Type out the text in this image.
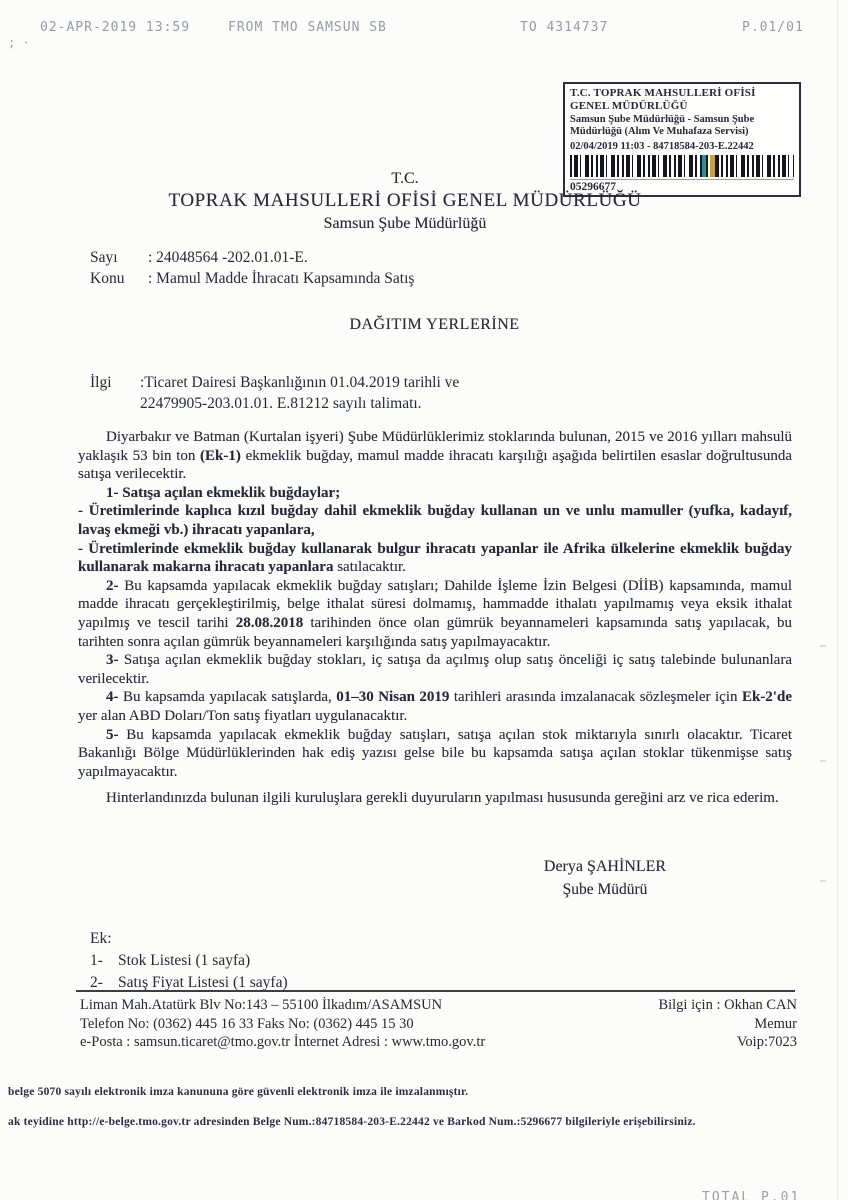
02-APR-2019 13:59	FROM TMO SAMSUN SB	TO 4314737	P.01/01
; ·
T.C. TOPRAK MAHSULLERİ OFİSİ GENEL MÜDÜRLÜĞÜ
Samsun Şube Müdürlüğü - Samsun Şube Müdürlüğü (Alım Ve Muhafaza Servisi)
02/04/2019 11:03 - 84718584-203-E.22442
05296677
T.C.
TOPRAK MAHSULLERİ OFİSİ GENEL MÜDÜRLÜĞÜ
Samsun Şube Müdürlüğü
Sayı : 24048564 -202.01.01-E.
Konu : Mamul Madde İhracatı Kapsamında Satış
DAĞITIM YERLERİNE
İlgi :Ticaret Dairesi Başkanlığının 01.04.2019 tarihli ve
22479905-203.01.01. E.81212 sayılı talimatı.

Diyarbakır ve Batman (Kurtalan işyeri) Şube Müdürlüklerimiz stoklarında bulunan, 2015 ve 2016 yılları mahsulü yaklaşık 53 bin ton (Ek-1) ekmeklik buğday, mamul madde ihracatı karşılığı aşağıda belirtilen esaslar doğrultusunda satışa verilecektir.

1- Satışa açılan ekmeklik buğdaylar;

- Üretimlerinde kaplıca kızıl buğday dahil ekmeklik buğday kullanan un ve unlu mamuller (yufka, kadayıf, lavaş ekmeği vb.) ihracatı yapanlara,

- Üretimlerinde ekmeklik buğday kullanarak bulgur ihracatı yapanlar ile Afrika ülkelerine ekmeklik buğday kullanarak makarna ihracatı yapanlara satılacaktır.

2- Bu kapsamda yapılacak ekmeklik buğday satışları; Dahilde İşleme İzin Belgesi (DİİB) kapsamında, mamul madde ihracatı gerçekleştirilmiş, belge ithalat süresi dolmamış, hammadde ithalatı yapılmamış veya eksik ithalat yapılmış ve tescil tarihi 28.08.2018 tarihinden önce olan gümrük beyannameleri kapsamında satış yapılacak, bu tarihten sonra açılan gümrük beyannameleri karşılığında satış yapılmayacaktır.

3- Satışa açılan ekmeklik buğday stokları, iç satışa da açılmış olup satış önceliği iç satış talebinde bulunanlara verilecektir.

4- Bu kapsamda yapılacak satışlarda, 01–30 Nisan 2019 tarihleri arasında imzalanacak sözleşmeler için Ek-2'de yer alan ABD Doları/Ton satış fiyatları uygulanacaktır.

5- Bu kapsamda yapılacak ekmeklik buğday satışları, satışa açılan stok miktarıyla sınırlı olacaktır. Ticaret Bakanlığı Bölge Müdürlüklerinden hak ediş yazısı gelse bile bu kapsamda satışa açılan stoklar tükenmişse satış yapılmayacaktır.

Hinterlandınızda bulunan ilgili kuruluşlara gerekli duyuruların yapılması hususunda gereğini arz ve rica ederim.

Derya ŞAHİNLER
Şube Müdürü
Ek:
1- Stok Listesi (1 sayfa)
2- Satış Fiyat Listesi (1 sayfa)
Liman Mah.Atatürk Blv No:143 – 55100 İlkadım/ASAMSUN
Telefon No: (0362) 445 16 33 Faks No: (0362) 445 15 30
e-Posta : samsun.ticaret@tmo.gov.tr İnternet Adresi : www.tmo.gov.tr
Bilgi için : Okhan CAN
Memur
Voip:7023
belge 5070 sayılı elektronik imza kanununa göre güvenli elektronik imza ile imzalanmıştır.
ak teyidine http://e-belge.tmo.gov.tr adresinden Belge Num.:84718584-203-E.22442 ve Barkod Num.:5296677 bilgileriyle erişebilirsiniz.
TOTAL P.01
